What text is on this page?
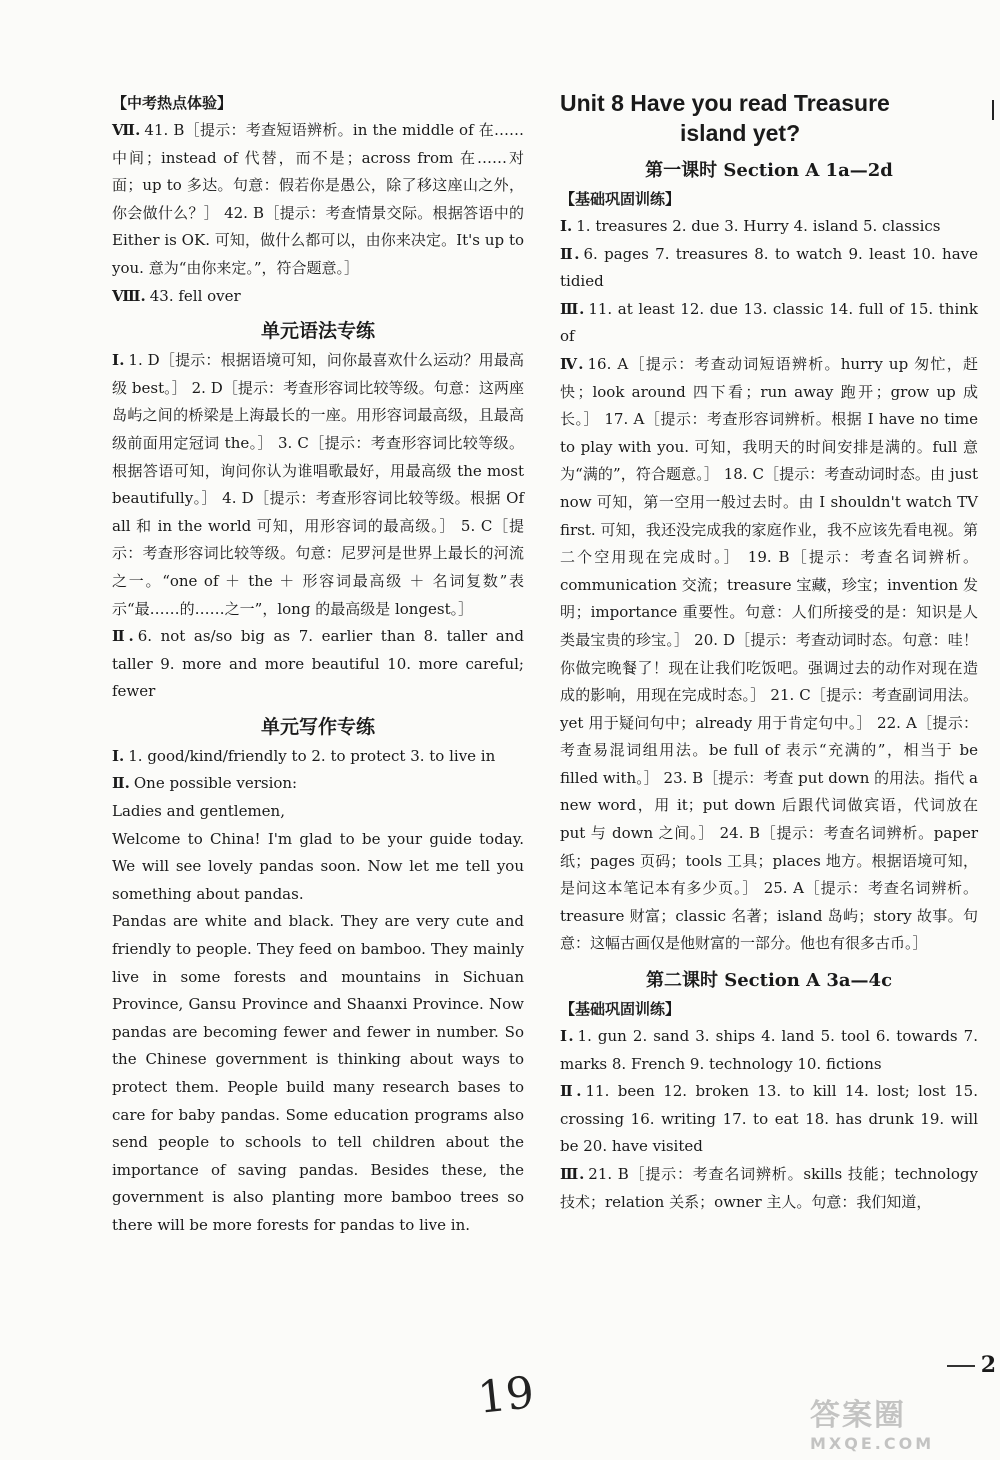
【中考热点体验】

Ⅶ. 41. B［提示：考查短语辨析。in the middle of 在……中间；instead of 代替，而不是；across from 在……对面；up to 多达。句意：假若你是愚公，除了移这座山之外，你会做什么？］ 42. B［提示：考查情景交际。根据答语中的 Either is OK. 可知，做什么都可以，由你来决定。It's up to you. 意为“由你来定。”，符合题意。］

Ⅷ. 43. fell over

单元语法专练

Ⅰ. 1. D［提示：根据语境可知，问你最喜欢什么运动？用最高级 best。］ 2. D［提示：考查形容词比较等级。句意：这两座岛屿之间的桥梁是上海最长的一座。用形容词最高级，且最高级前面用定冠词 the。］ 3. C［提示：考查形容词比较等级。根据答语可知，询问你认为谁唱歌最好，用最高级 the most beautifully。］ 4. D［提示：考查形容词比较等级。根据 Of all 和 in the world 可知，用形容词的最高级。］ 5. C［提示：考查形容词比较等级。句意：尼罗河是世界上最长的河流之一。“one of ＋ the ＋ 形容词最高级 ＋ 名词复数”表示“最……的……之一”，long 的最高级是 longest。］

Ⅱ. 6. not as/so big as 7. earlier than 8. taller and taller 9. more and more beautiful 10. more careful; fewer

单元写作专练

Ⅰ. 1. good/kind/friendly to 2. to protect 3. to live in

Ⅱ. One possible version:

Ladies and gentlemen,

Welcome to China! I'm glad to be your guide today. We will see lovely pandas soon. Now let me tell you something about pandas.

Pandas are white and black. They are very cute and friendly to people. They feed on bamboo. They mainly live in some forests and mountains in Sichuan Province, Gansu Province and Shaanxi Province. Now pandas are becoming fewer and fewer in number. So the Chinese government is thinking about ways to protect them. People build many research bases to care for baby pandas. Some education programs also send people to schools to tell children about the importance of saving pandas. Besides these, the government is also planting more bamboo trees so there will be more forests for pandas to live in.

Unit 8 Have you read Treasure
island yet?
第一课时 Section A 1a—2d
【基础巩固训练】

Ⅰ. 1. treasures 2. due 3. Hurry 4. island 5. classics

Ⅱ. 6. pages 7. treasures 8. to watch 9. least 10. have tidied

Ⅲ. 11. at least 12. due 13. classic 14. full of 15. think of

Ⅳ. 16. A［提示：考查动词短语辨析。hurry up 匆忙，赶快；look around 四下看；run away 跑开；grow up 成长。］ 17. A［提示：考查形容词辨析。根据 I have no time to play with you. 可知，我明天的时间安排是满的。full 意为“满的”，符合题意。］ 18. C［提示：考查动词时态。由 just now 可知，第一空用一般过去时。由 I shouldn't watch TV first. 可知，我还没完成我的家庭作业，我不应该先看电视。第二个空用现在完成时。］ 19. B［提示：考查名词辨析。communication 交流；treasure 宝藏，珍宝；invention 发明；importance 重要性。句意：人们所接受的是：知识是人类最宝贵的珍宝。］ 20. D［提示：考查动词时态。句意：哇！你做完晚餐了！现在让我们吃饭吧。强调过去的动作对现在造成的影响，用现在完成时态。］ 21. C［提示：考查副词用法。yet 用于疑问句中；already 用于肯定句中。］ 22. A［提示：考查易混词组用法。be full of 表示“充满的”，相当于 be filled with。］ 23. B［提示：考查 put down 的用法。指代 a new word，用 it；put down 后跟代词做宾语，代词放在 put 与 down 之间。］ 24. B［提示：考查名词辨析。paper 纸；pages 页码；tools 工具；places 地方。根据语境可知，是问这本笔记本有多少页。］ 25. A［提示：考查名词辨析。treasure 财富；classic 名著；island 岛屿；story 故事。句意：这幅古画仅是他财富的一部分。他也有很多古币。］

第二课时 Section A 3a—4c
【基础巩固训练】

Ⅰ. 1. gun 2. sand 3. ships 4. land 5. tool 6. towards 7. marks 8. French 9. technology 10. fictions

Ⅱ. 11. been 12. broken 13. to kill 14. lost; lost 15. crossing 16. writing 17. to eat 18. has drunk 19. will be 20. have visited

Ⅲ. 21. B［提示：考查名词辨析。skills 技能；technology 技术；relation 关系；owner 主人。句意：我们知道，

2
19	答案圈
MXQE.COM
